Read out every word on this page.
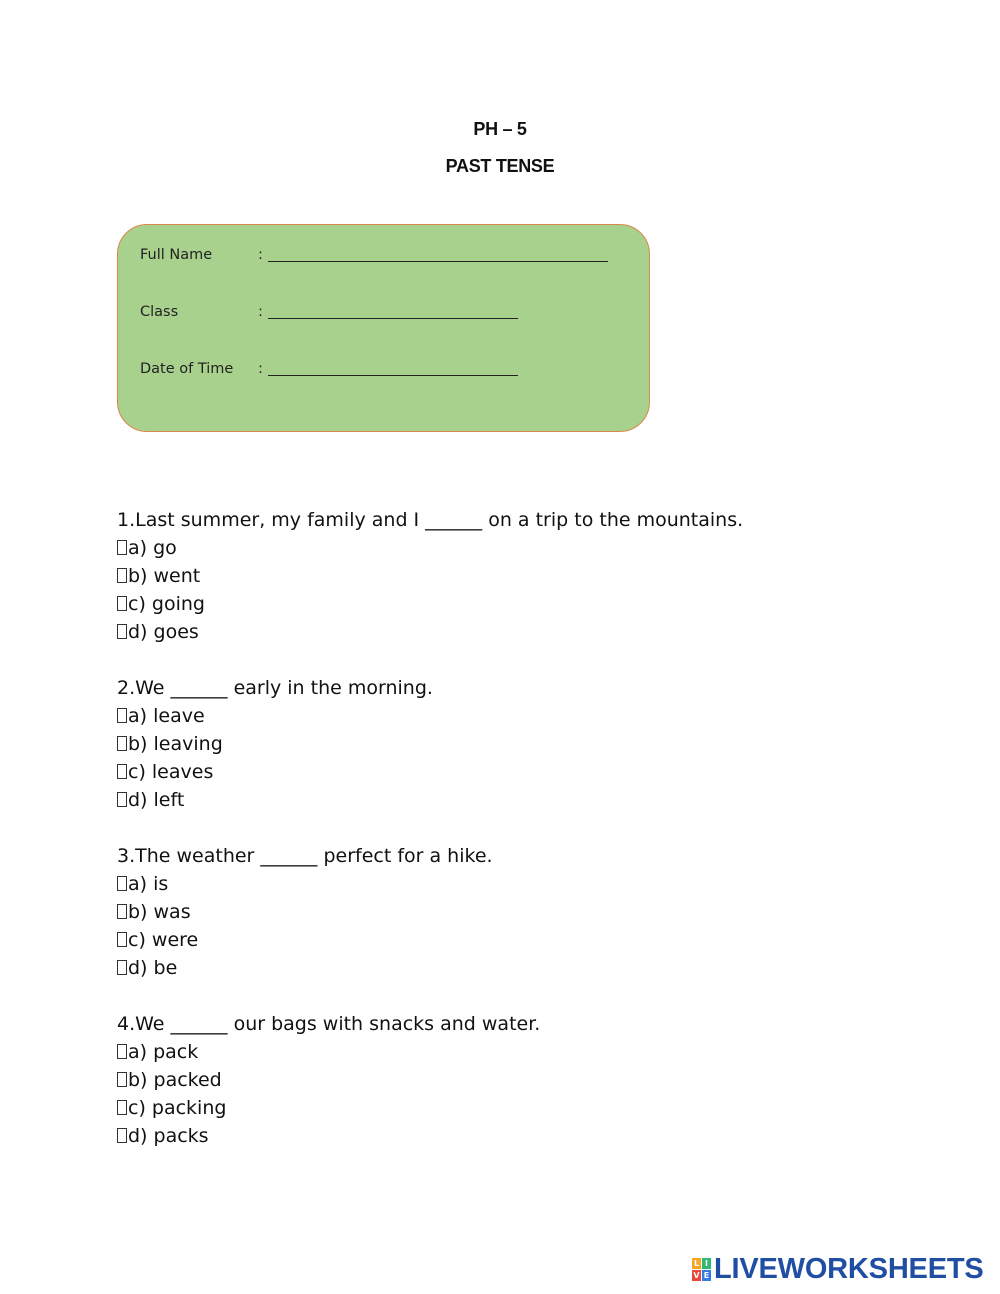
PH – 5
PAST TENSE
Full Name	:
Class	:
Date of Time :
1.Last summer, my family and I ______ on a trip to the mountains.
a) go
b) went
c) going
d) goes
2.We ______ early in the morning.
a) leave
b) leaving
c) leaves
d) left
3.The weather ______ perfect for a hike.
a) is
b) was
c) were
d) be
4.We ______ our bags with snacks and water.
a) pack
b) packed
c) packing
d) packs
L I
V E LIVEWORKSHEETS
